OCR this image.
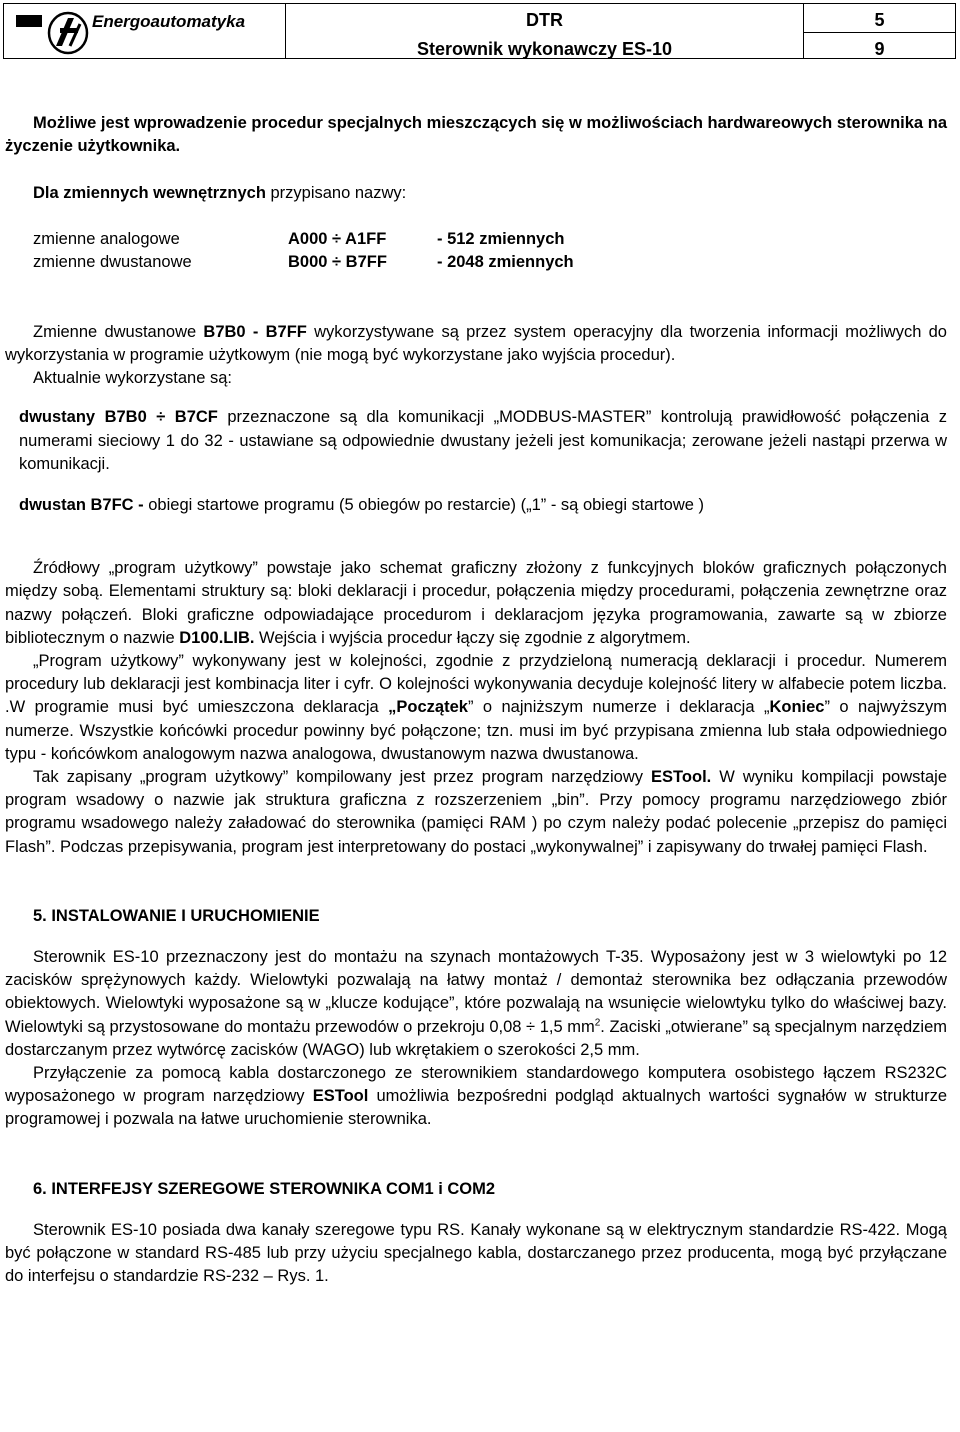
Energoautomatyka	DTR
Sterownik wykonawczy ES-10
5
9

Możliwe jest wprowadzenie procedur specjalnych mieszczących się w możliwościach hardwareowych sterownika na życzenie użytkownika.

Dla zmiennych wewnętrznych przypisano nazwy:

zmienne analogowe	A000 ÷ A1FF	- 512 zmiennych
zmienne dwustanowe	B000 ÷ B7FF	- 2048 zmiennych

Zmienne dwustanowe B7B0 - B7FF wykorzystywane są przez system operacyjny dla tworzenia informacji możliwych do wykorzystania w programie użytkowym (nie mogą być wykorzystane jako wyjścia procedur).

Aktualnie wykorzystane są:

dwustany B7B0 ÷ B7CF przeznaczone są dla komunikacji „MODBUS-MASTER” kontrolują prawidłowość połączenia z numerami sieciowy 1 do 32 - ustawiane są odpowiednie dwustany jeżeli jest komunikacja; zerowane jeżeli nastąpi przerwa w komunikacji.

dwustan B7FC - obiegi startowe programu (5 obiegów po restarcie) („1” - są obiegi startowe )

Źródłowy „program użytkowy” powstaje jako schemat graficzny złożony z funkcyjnych bloków graficznych połączonych między sobą. Elementami struktury są: bloki deklaracji i procedur, połączenia między procedurami, połączenia zewnętrzne oraz nazwy połączeń. Bloki graficzne odpowiadające procedurom i deklaracjom języka programowania, zawarte są w zbiorze bibliotecznym o nazwie D100.LIB. Wejścia i wyjścia procedur łączy się zgodnie z algorytmem.

„Program użytkowy” wykonywany jest w kolejności, zgodnie z przydzieloną numeracją deklaracji i procedur. Numerem procedury lub deklaracji jest kombinacja liter i cyfr. O kolejności wykonywania decyduje kolejność litery w alfabecie potem liczba. .W programie musi być umieszczona deklaracja „Początek” o najniższym numerze i deklaracja „Koniec” o najwyższym numerze. Wszystkie końcówki procedur powinny być połączone; tzn. musi im być przypisana zmienna lub stała odpowiedniego typu - końcówkom analogowym nazwa analogowa, dwustanowym nazwa dwustanowa.

Tak zapisany „program użytkowy” kompilowany jest przez program narzędziowy ESTool. W wyniku kompilacji powstaje program wsadowy o nazwie jak struktura graficzna z rozszerzeniem „bin”. Przy pomocy programu narzędziowego zbiór programu wsadowego należy załadować do sterownika (pamięci RAM ) po czym należy podać polecenie „przepisz do pamięci Flash”. Podczas przepisywania, program jest interpretowany do postaci „wykonywalnej” i zapisywany do trwałej pamięci Flash.

5. INSTALOWANIE I URUCHOMIENIE

Sterownik ES-10 przeznaczony jest do montażu na szynach montażowych T-35. Wyposażony jest w 3 wielowtyki po 12 zacisków sprężynowych każdy. Wielowtyki pozwalają na łatwy montaż / demontaż sterownika bez odłączania przewodów obiektowych. Wielowtyki wyposażone są w „klucze kodujące”, które pozwalają na wsunięcie wielowtyku tylko do właściwej bazy. Wielowtyki są przystosowane do montażu przewodów o przekroju 0,08 ÷ 1,5 $mm^2$. Zaciski „otwierane” są specjalnym narzędziem dostarczanym przez wytwórcę zacisków (WAGO) lub wkrętakiem o szerokości 2,5 mm.

Przyłączenie za pomocą kabla dostarczonego ze sterownikiem standardowego komputera osobistego łączem RS232C wyposażonego w program narzędziowy ESTool umożliwia bezpośredni podgląd aktualnych wartości sygnałów w strukturze programowej i pozwala na łatwe uruchomienie sterownika.

6. INTERFEJSY SZEREGOWE STEROWNIKA COM1 i COM2

Sterownik ES-10 posiada dwa kanały szeregowe typu RS. Kanały wykonane są w elektrycznym standardzie RS-422. Mogą być połączone w standard RS-485 lub przy użyciu specjalnego kabla, dostarczanego przez producenta, mogą być przyłączane do interfejsu o standardzie RS-232 – Rys. 1.
